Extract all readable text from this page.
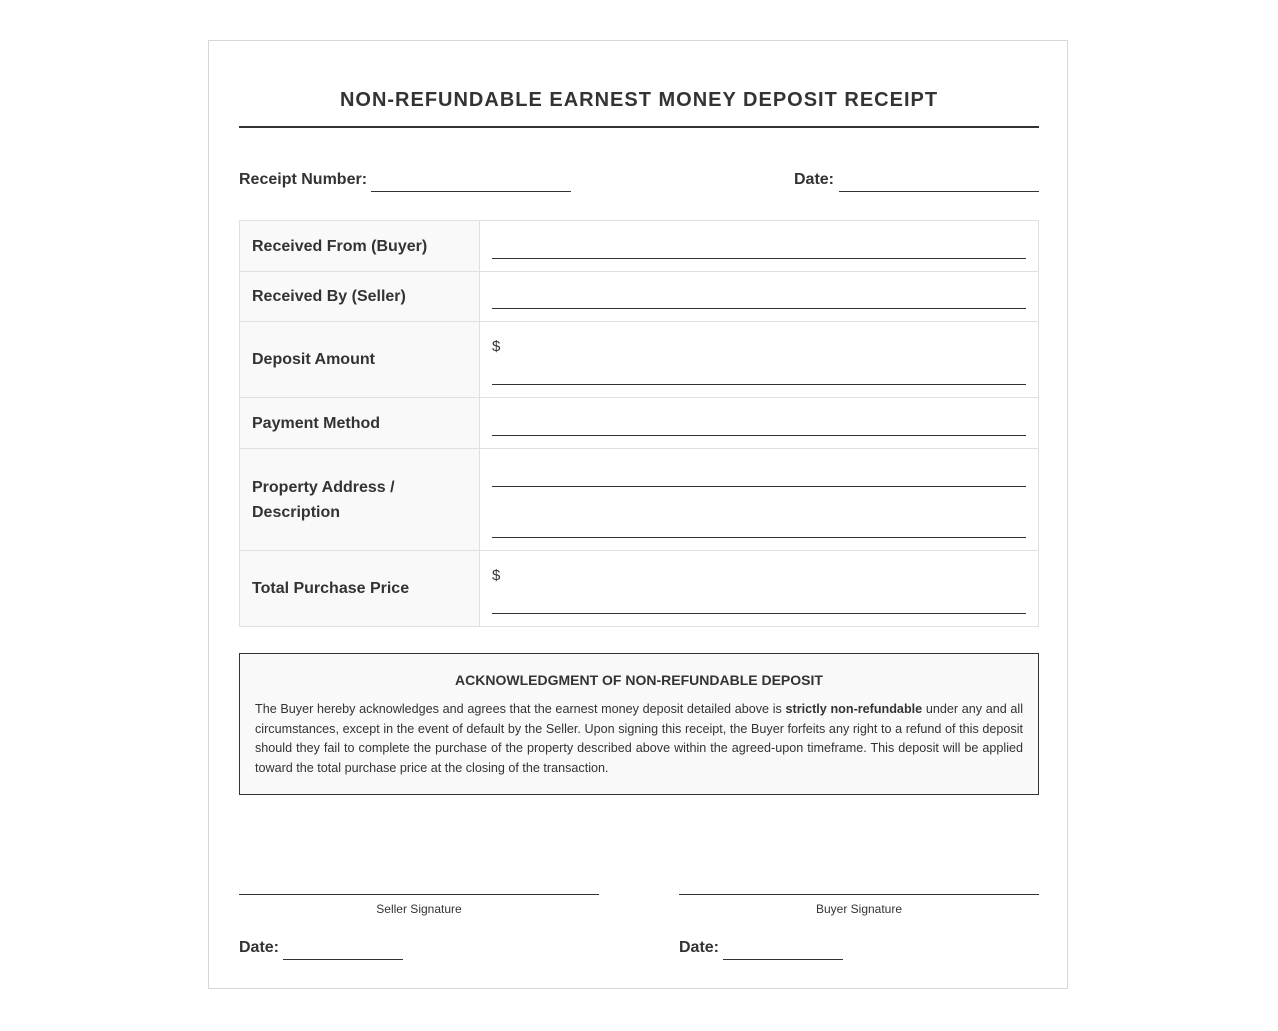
NON-REFUNDABLE EARNEST MONEY DEPOSIT RECEIPT
Receipt Number:	Date:
Received From (Buyer)	

Received By (Seller)	

Deposit Amount	$

Payment Method	

Property Address / Description	

Total Purchase Price	$
ACKNOWLEDGMENT OF NON-REFUNDABLE DEPOSIT
The Buyer hereby acknowledges and agrees that the earnest money deposit detailed above is strictly non-refundable under any and all circumstances, except in the event of default by the Seller. Upon signing this receipt, the Buyer forfeits any right to a refund of this deposit should they fail to complete the purchase of the property described above within the agreed-upon timeframe. This deposit will be applied toward the total purchase price at the closing of the transaction.
Seller Signature	Buyer Signature
Date:	Date:
